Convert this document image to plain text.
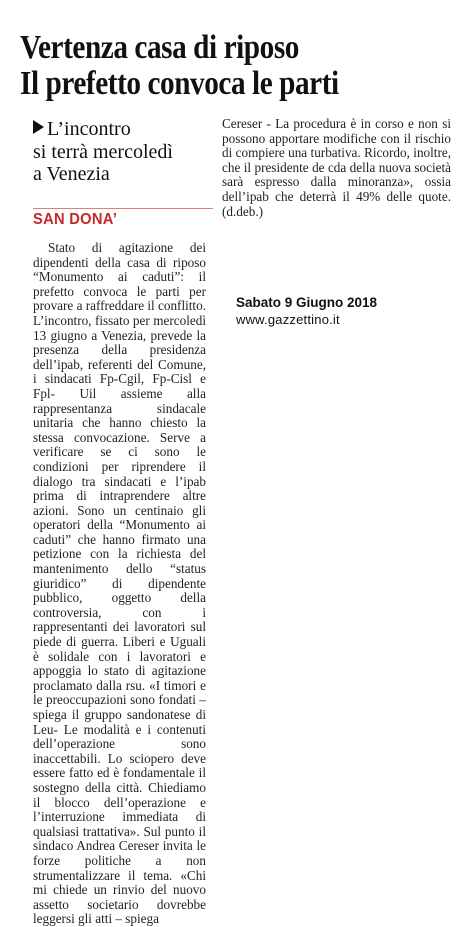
Vertenza casa di riposo
Il prefetto convoca le parti
L’incontro
si terrà mercoledì
a Venezia
SAN DONA’
Stato di agitazione dei dipendenti della casa di riposo “Monumento ai caduti”: il prefetto convoca le parti per provare a raffreddare il conflitto. L’incontro, fissato per mercoledì 13 giugno a Venezia, prevede la presenza della presidenza dell’ipab, referenti del Comune, i sindacati Fp-Cgil, Fp-Cisl e Fpl- Uil assieme alla rappresentanza sindacale unitaria che hanno chiesto la stessa convocazione. Serve a verificare se ci sono le condizioni per riprendere il dialogo tra sindacati e l’ipab prima di intraprendere altre azioni. Sono un centinaio gli operatori della “Monumento ai caduti” che hanno firmato una petizione con la richiesta del mantenimento dello “status giuridico” di dipendente pubblico, oggetto della controversia, con i rappresentanti dei lavoratori sul piede di guerra. Liberi e Uguali è solidale con i lavoratori e appoggia lo stato di agitazione proclamato dalla rsu. «I timori e le preoccupazioni sono fondati – spiega il gruppo sandonatese di Leu- Le modalità e i contenuti dell’operazione sono inaccettabili. Lo sciopero deve essere fatto ed è fondamentale il sostegno della città. Chiediamo il blocco dell’operazione e l’interruzione immediata di qualsiasi trattativa». Sul punto il sindaco Andrea Cereser invita le forze politiche a non strumentalizzare il tema. «Chi mi chiede un rinvio del nuovo assetto societario dovrebbe leggersi gli atti – spiega
Cereser - La procedura è in corso e non si possono apportare modifiche con il rischio di compiere una turbativa. Ricordo, inoltre, che il presidente de cda della nuova società sarà espresso dalla minoranza», ossia dell’ipab che deterrà il 49% delle quote. (d.deb.)
Sabato 9 Giugno 2018
www.gazzettino.it
